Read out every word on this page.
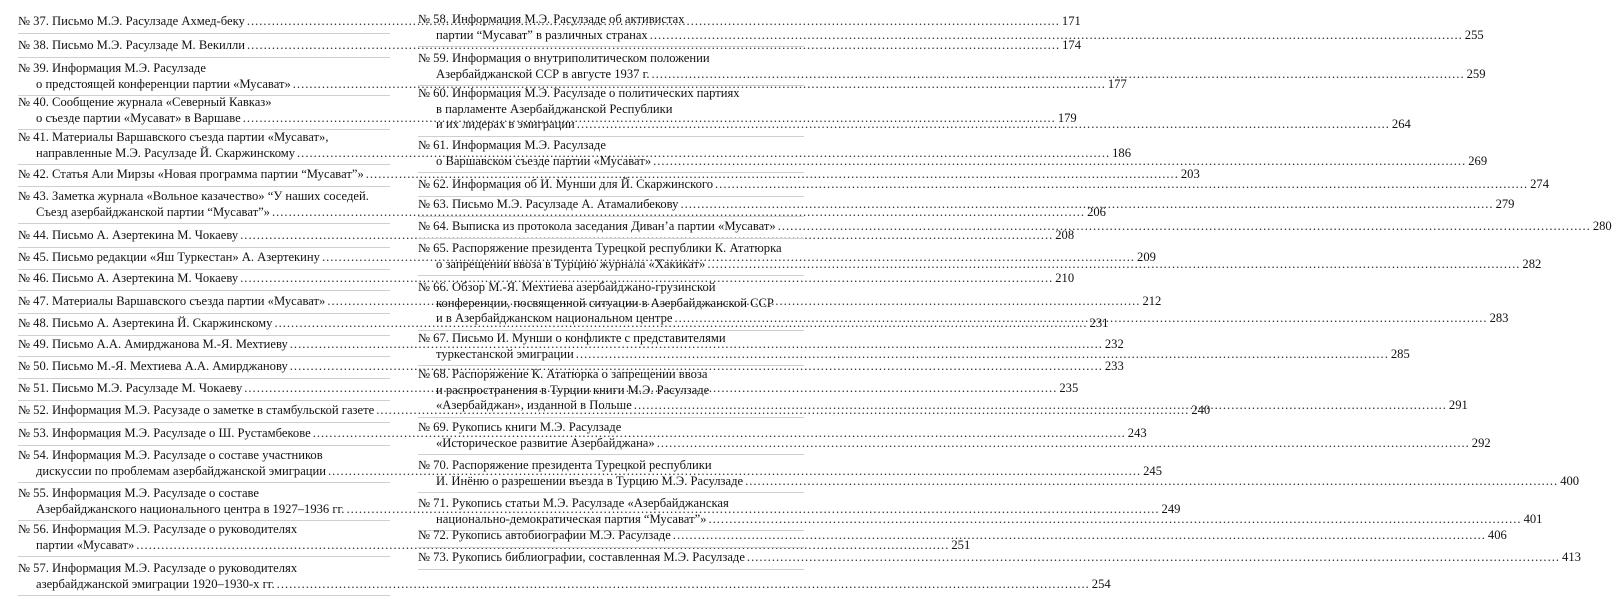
№ 37. Письмо М.Э. Расулзаде Ахмед-беку .....	171
№ 38. Письмо М.Э. Расулзаде М. Векилли .....	174
№ 39. Информация М.Э. Расулзаде
о предстоящей конференции партии «Мусават» .....	177
№ 40. Сообщение журнала «Северный Кавказ»
о съезде партии «Мусават» в Варшаве .....	179
№ 41. Материалы Варшавского съезда партии «Мусават»,
направленные М.Э. Расулзаде Й. Скаржинскому .....	186
№ 42. Статья Али Мирзы «Новая программа партии “Мусават”» .....	203
№ 43. Заметка журнала «Вольное казачество» “У наших соседей.
Съезд азербайджанской партии “Мусават”» .....	206
№ 44. Письмо А. Азертекина М. Чокаеву .....	208
№ 45. Письмо редакции «Яш Туркестан» А. Азертекину .....	209
№ 46. Письмо А. Азертекина М. Чокаеву .....	210
№ 47. Материалы Варшавского съезда партии «Мусават» .....	212
№ 48. Письмо А. Азертекина Й. Скаржинскому .....	231
№ 49. Письмо А.А. Амирджанова М.-Я. Мехтиеву .....	232
№ 50. Письмо М.-Я. Мехтиева А.А. Амирджанову .....	233
№ 51. Письмо М.Э. Расулзаде М. Чокаеву .....	235
№ 52. Информация М.Э. Расузаде о заметке в стамбульской газете .....	240
№ 53. Информация М.Э. Расулзаде о Ш. Рустамбекове .....	243
№ 54. Информация М.Э. Расулзаде о составе участников
дискуссии по проблемам азербайджанской эмиграции .....	245
№ 55. Информация М.Э. Расулзаде о составе
Азербайджанского национального центра в 1927–1936 гг. .....	249
№ 56. Информация М.Э. Расулзаде о руководителях
партии «Мусават» .....	251
№ 57. Информация М.Э. Расулзаде о руководителях
азербайджанской эмиграции 1920–1930-х гг. .....	254
№ 58. Информация М.Э. Расулзаде об активистах
партии “Мусават” в различных странах .....	255
№ 59. Информация о внутриполитическом положении
Азербайджанской ССР в августе 1937 г. .....	259
№ 60. Информация М.Э. Расулзаде о политических партиях
в парламенте Азербайджанской Республики
и их лидерах в эмиграции .....	264
№ 61. Информация М.Э. Расулзаде
о Варшавском съезде партии «Мусават» .....	269
№ 62. Информация об И. Мунши для Й. Скаржинского .....	274
№ 63. Письмо М.Э. Расулзаде А. Атамалибекову .....	279
№ 64. Выписка из протокола заседания Диван’а партии «Мусават» .....	280
№ 65. Распоряжение президента Турецкой республики К. Ататюрка
о запрещении ввоза в Турцию журнала «Хакикат» .....	282
№ 66. Обзор М.-Я. Мехтиева азербайджано-грузинской
конференции, посвященной ситуации в Азербайджанской ССР
и в Азербайджанском национальном центре .....	283
№ 67. Письмо И. Мунши о конфликте с представителями
туркестанской эмиграции .....	285
№ 68. Распоряжение К. Ататюрка о запрещении ввоза
и распространения в Турции книги М.Э. Расулзаде
«Азербайджан», изданной в Польше .....	291
№ 69. Рукопись книги М.Э. Расулзаде
«Историческое развитие Азербайджана» .....	292
№ 70. Распоряжение президента Турецкой республики
И. Инёню о разрешении въезда в Турцию М.Э. Расулзаде .....	400
№ 71. Рукопись статьи М.Э. Расулзаде «Азербайджанская
национально-демократическая партия “Мусават”» .....	401
№ 72. Рукопись автобиографии М.Э. Расулзаде .....	406
№ 73. Рукопись библиографии, составленная М.Э. Расулзаде .....	413
